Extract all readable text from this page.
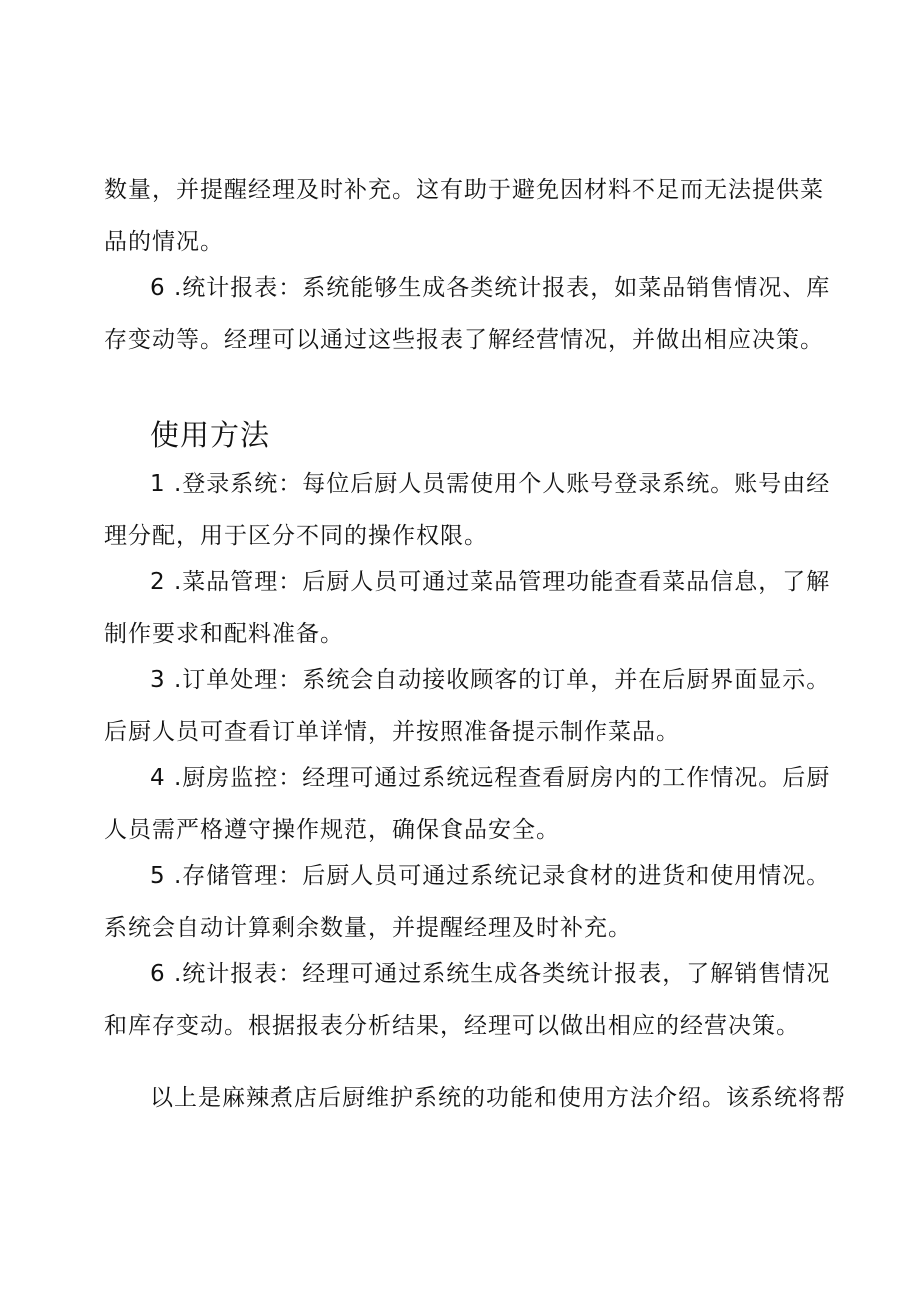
数量，并提醒经理及时补充。这有助于避免因材料不足而无法提供菜
品的情况。

6 .统计报表：系统能够生成各类统计报表，如菜品销售情况、库
存变动等。经理可以通过这些报表了解经营情况，并做出相应决策。

使用方法

1 .登录系统：每位后厨人员需使用个人账号登录系统。账号由经
理分配，用于区分不同的操作权限。

2 .菜品管理：后厨人员可通过菜品管理功能查看菜品信息，了解
制作要求和配料准备。

3 .订单处理：系统会自动接收顾客的订单，并在后厨界面显示。
后厨人员可查看订单详情，并按照准备提示制作菜品。

4 .厨房监控：经理可通过系统远程查看厨房内的工作情况。后厨
人员需严格遵守操作规范，确保食品安全。

5 .存储管理：后厨人员可通过系统记录食材的进货和使用情况。
系统会自动计算剩余数量，并提醒经理及时补充。

6 .统计报表：经理可通过系统生成各类统计报表，了解销售情况
和库存变动。根据报表分析结果，经理可以做出相应的经营决策。

以上是麻辣煮店后厨维护系统的功能和使用方法介绍。该系统将帮
